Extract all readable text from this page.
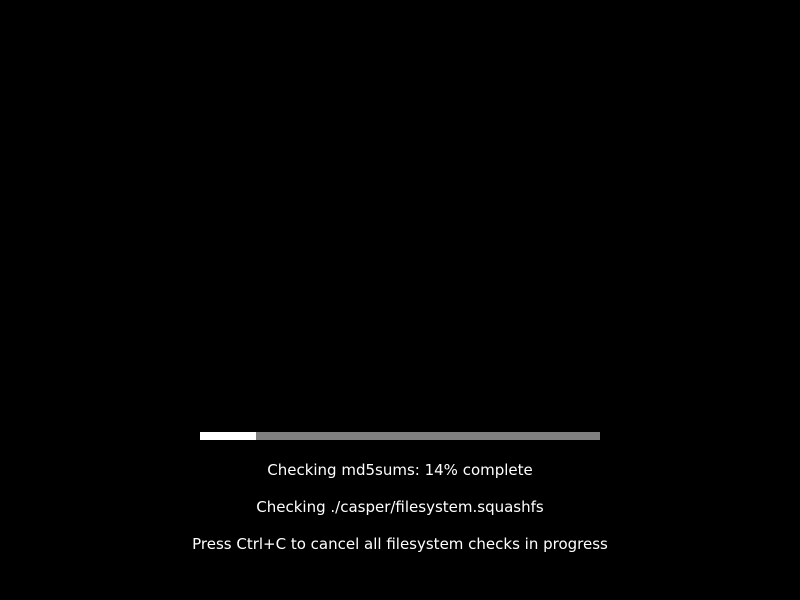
Checking md5sums: 14% complete
Checking ./casper/filesystem.squashfs
Press Ctrl+C to cancel all filesystem checks in progress
